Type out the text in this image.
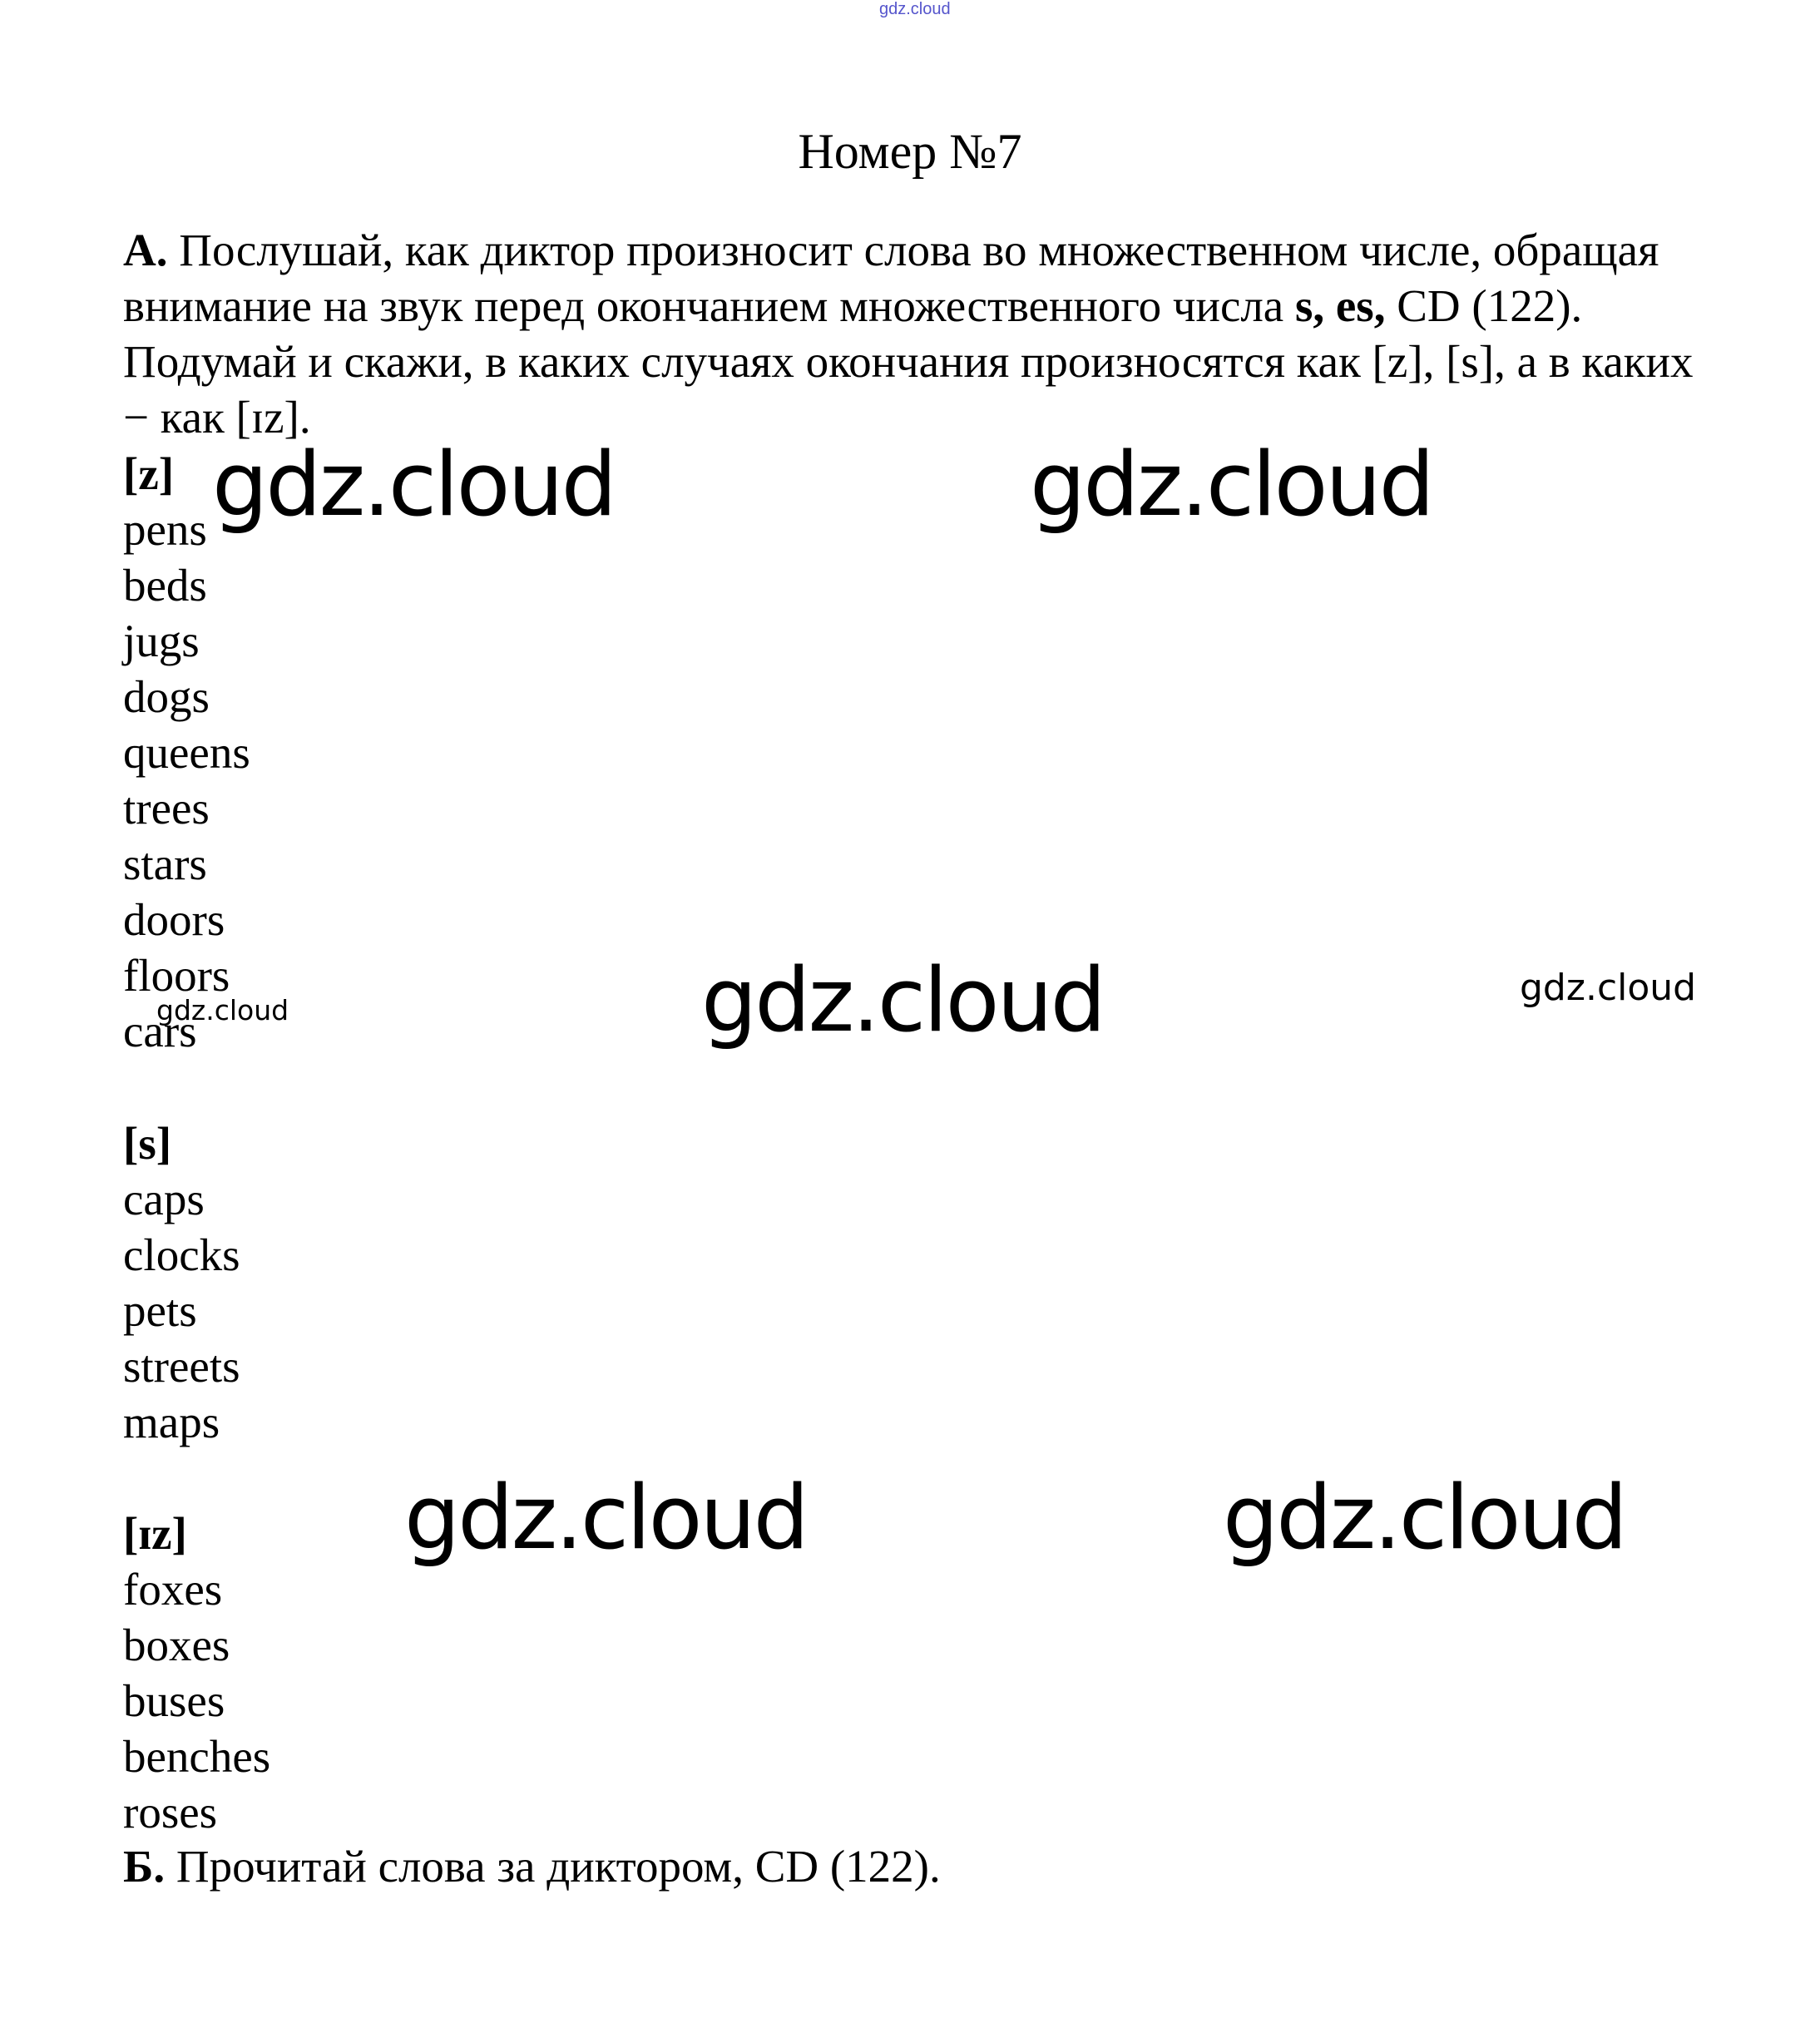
gdz.cloud
Номер №7
А. Послушай, как диктор произносит слова во множественном числе, обращая внимание на звук перед окончанием множественного числа s, es, CD (122). Подумай и скажи, в каких случаях окончания произносятся как [z], [s], а в каких − как [ɪz].
[z]
pens
beds
jugs
dogs
queens
trees
stars
doors
floors
cars
[s]
caps
clocks
pets
streets
maps
[ɪz]
foxes
boxes
buses
benches
roses
Б. Прочитай слова за диктором, CD (122).
gdz.cloud	gdz.cloud
gdz.cloud	gdz.cloud
gdz.cloud
gdz.cloud	gdz.cloud
